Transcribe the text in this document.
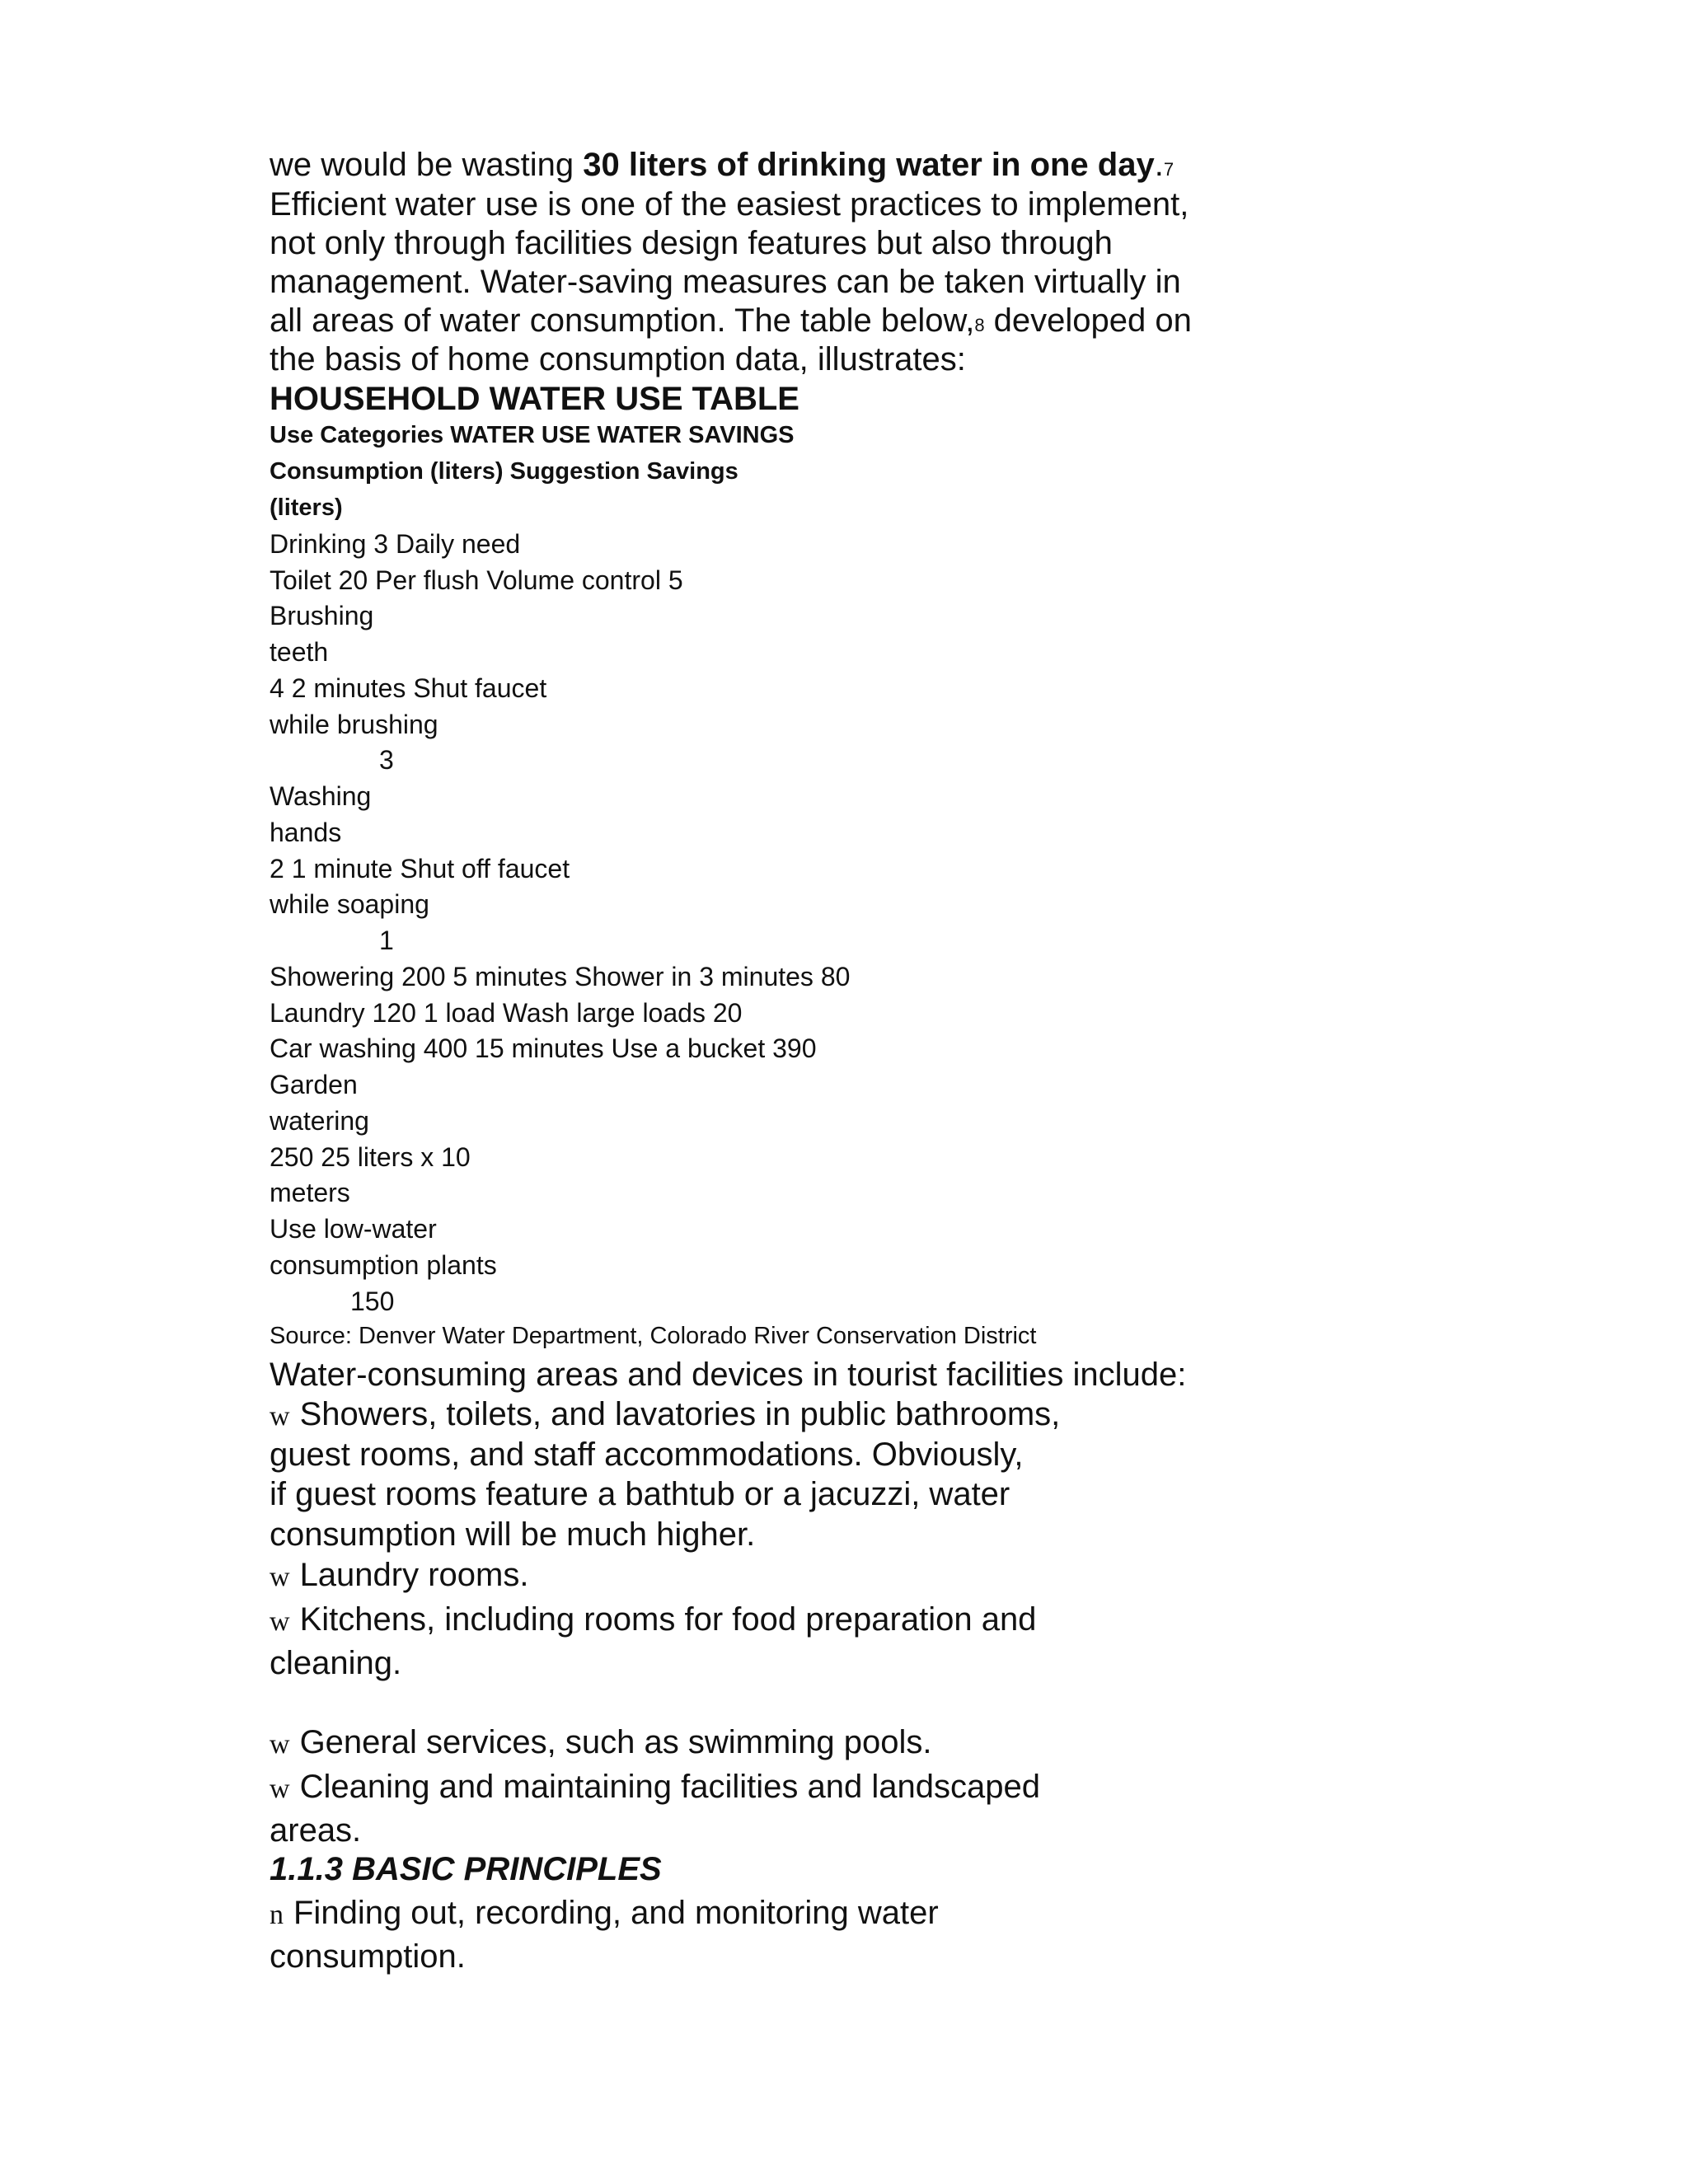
we would be wasting 30 liters of drinking water in one day.7
Efficient water use is one of the easiest practices to implement,
not only through facilities design features but also through
management. Water-saving measures can be taken virtually in
all areas of water consumption. The table below,8 developed on
the basis of home consumption data, illustrates:
HOUSEHOLD WATER USE TABLE
Use Categories WATER USE WATER SAVINGS
Consumption (liters) Suggestion Savings
(liters)
Drinking 3 Daily need
Toilet 20 Per flush Volume control 5
Brushing
teeth
4 2 minutes Shut faucet
while brushing
3
Washing
hands
2 1 minute Shut off faucet
while soaping
1
Showering 200 5 minutes Shower in 3 minutes 80
Laundry 120 1 load Wash large loads 20
Car washing 400 15 minutes Use a bucket 390
Garden
watering
250 25 liters x 10
meters
Use low-water
consumption plants
150
Source: Denver Water Department, Colorado River Conservation District
Water-consuming areas and devices in tourist facilities include:
w Showers, toilets, and lavatories in public bathrooms,
guest rooms, and staff accommodations. Obviously,
if guest rooms feature a bathtub or a jacuzzi, water
consumption will be much higher.
w Laundry rooms.
w Kitchens, including rooms for food preparation and
cleaning.
w General services, such as swimming pools.
w Cleaning and maintaining facilities and landscaped
areas.
1.1.3 BASIC PRINCIPLES
n Finding out, recording, and monitoring water
consumption.
